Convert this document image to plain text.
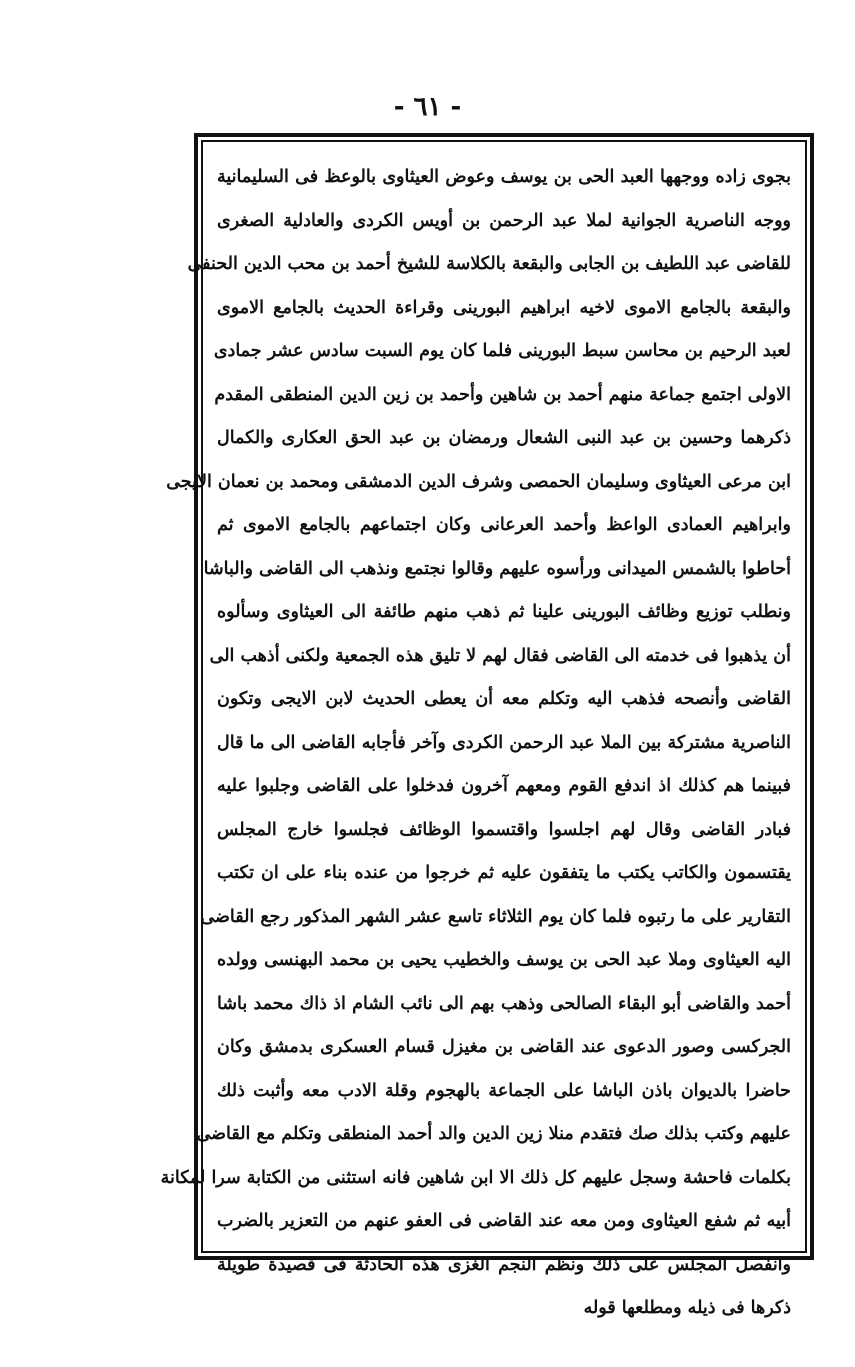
- ٦١ -
بجوى زاده ووجهها العبد الحى بن يوسف وعوض العيثاوى بالوعظ فى السليمانية
ووجه الناصرية الجوانية لملا عبد الرحمن بن أويس الكردى والعادلية الصغرى
للقاضى عبد اللطيف بن الجابى والبقعة بالكلاسة للشيخ أحمد بن محب الدين الحنفى
والبقعة بالجامع الاموى لاخيه ابراهيم البورينى وقراءة الحديث بالجامع الاموى
لعبد الرحيم بن محاسن سبط البورينى فلما كان يوم السبت سادس عشر جمادى
الاولى اجتمع جماعة منهم أحمد بن شاهين وأحمد بن زين الدين المنطقى المقدم
ذكرهما وحسين بن عبد النبى الشعال ورمضان بن عبد الحق العكارى والكمال
ابن مرعى العيثاوى وسليمان الحمصى وشرف الدين الدمشقى ومحمد بن نعمان الايجى
وابراهيم العمادى الواعظ وأحمد العرعانى وكان اجتماعهم بالجامع الاموى ثم
أحاطوا بالشمس الميدانى ورأسوه عليهم وقالوا نجتمع ونذهب الى القاضى والباشا
ونطلب توزيع وظائف البورينى علينا ثم ذهب منهم طائفة الى العيثاوى وسألوه
أن يذهبوا فى خدمته الى القاضى فقال لهم لا تليق هذه الجمعية ولكنى أذهب الى
القاضى وأنصحه فذهب اليه وتكلم معه أن يعطى الحديث لابن الايجى وتكون
الناصرية مشتركة بين الملا عبد الرحمن الكردى وآخر فأجابه القاضى الى ما قال
فبينما هم كذلك اذ اندفع القوم ومعهم آخرون فدخلوا على القاضى وجلبوا عليه
فبادر القاضى وقال لهم اجلسوا واقتسموا الوظائف فجلسوا خارج المجلس
يقتسمون والكاتب يكتب ما يتفقون عليه ثم خرجوا من عنده بناء على ان تكتب
التقارير على ما رتبوه فلما كان يوم الثلاثاء تاسع عشر الشهر المذكور رجع القاضى
اليه العيثاوى وملا عبد الحى بن يوسف والخطيب يحيى بن محمد البهنسى وولده
أحمد والقاضى أبو البقاء الصالحى وذهب بهم الى نائب الشام اذ ذاك محمد باشا
الجركسى وصور الدعوى عند القاضى بن مغيزل قسام العسكرى بدمشق وكان
حاضرا بالديوان باذن الباشا على الجماعة بالهجوم وقلة الادب معه وأثبت ذلك
عليهم وكتب بذلك صك فتقدم منلا زين الدين والد أحمد المنطقى وتكلم مع القاضى
بكلمات فاحشة وسجل عليهم كل ذلك الا ابن شاهين فانه استثنى من الكتابة سرا لمكانة
أبيه ثم شفع العيثاوى ومن معه عند القاضى فى العفو عنهم من التعزير بالضرب
وانفصل المجلس على ذلك ونظم النجم الغزى هذه الحادثة فى قصيدة طويلة
ذكرها فى ذيله ومطلعها قوله
